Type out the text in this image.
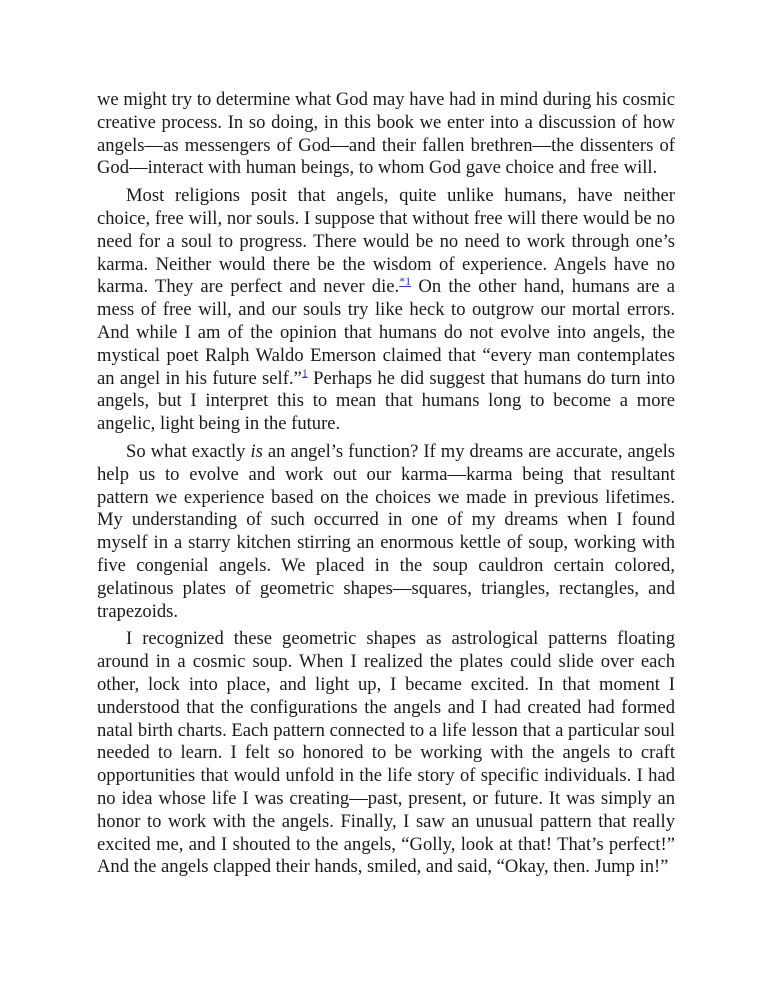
we might try to determine what God may have had in mind during his cosmic creative process. In so doing, in this book we enter into a discussion of how angels—as messengers of God—and their fallen brethren—the dissenters of God—interact with human beings, to whom God gave choice and free will.

Most religions posit that angels, quite unlike humans, have neither choice, free will, nor souls. I suppose that without free will there would be no need for a soul to progress. There would be no need to work through one’s karma. Neither would there be the wisdom of experience. Angels have no karma. They are perfect and never die.$^{*1}$ On the other hand, humans are a mess of free will, and our souls try like heck to outgrow our mortal errors. And while I am of the opinion that humans do not evolve into angels, the mystical poet Ralph Waldo Emerson claimed that “every man contemplates an angel in his future self.”$^1$ Perhaps he did suggest that humans do turn into angels, but I interpret this to mean that humans long to become a more angelic, light being in the future.

So what exactly is an angel’s function? If my dreams are accurate, angels help us to evolve and work out our karma—karma being that resultant pattern we experience based on the choices we made in previous lifetimes. My understanding of such occurred in one of my dreams when I found myself in a starry kitchen stirring an enormous kettle of soup, working with five congenial angels. We placed in the soup cauldron certain colored, gelatinous plates of geometric shapes—squares, triangles, rectangles, and trapezoids.

I recognized these geometric shapes as astrological patterns floating around in a cosmic soup. When I realized the plates could slide over each other, lock into place, and light up, I became excited. In that moment I understood that the configurations the angels and I had created had formed natal birth charts. Each pattern connected to a life lesson that a particular soul needed to learn. I felt so honored to be working with the angels to craft opportunities that would unfold in the life story of specific individuals. I had no idea whose life I was creating—past, present, or future. It was simply an honor to work with the angels. Finally, I saw an unusual pattern that really excited me, and I shouted to the angels, “Golly, look at that! That’s perfect!” And the angels clapped their hands, smiled, and said, “Okay, then. Jump in!”
